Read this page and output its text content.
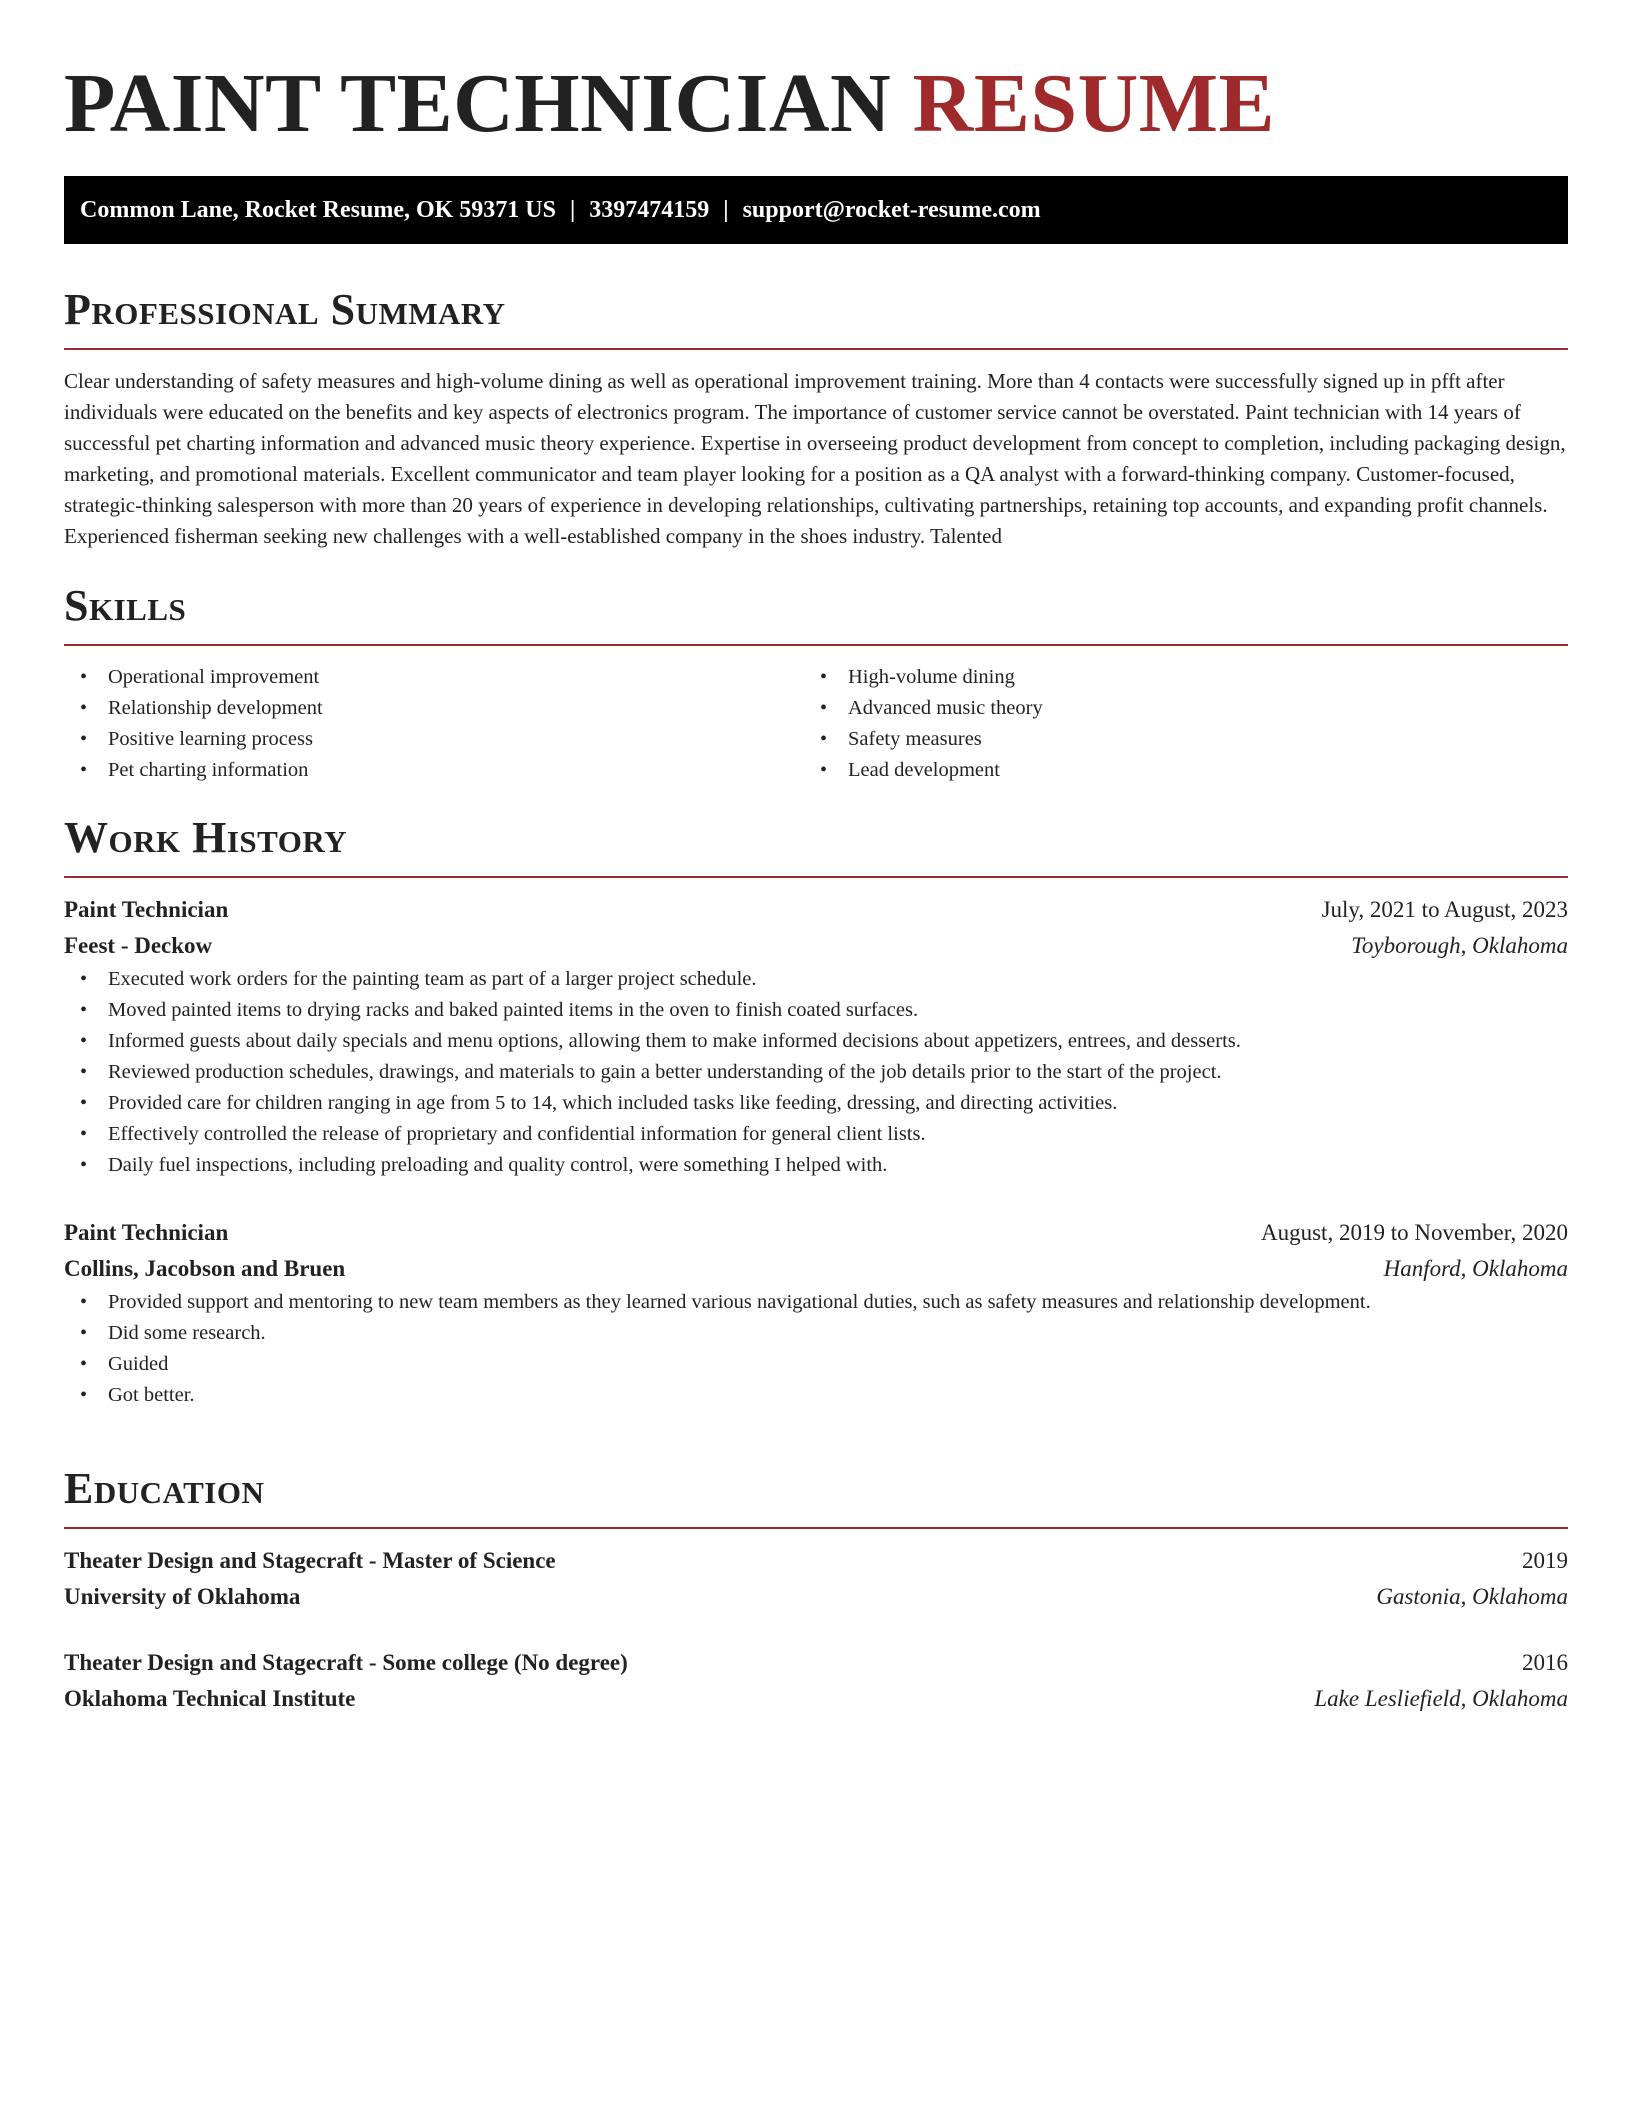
PAINT TECHNICIAN RESUME
Common Lane, Rocket Resume, OK 59371 US | 3397474159 | support@rocket-resume.com
Professional Summary

Clear understanding of safety measures and high-volume dining as well as operational improvement training. More than 4 contacts were successfully signed up in pfft after individuals were educated on the benefits and key aspects of electronics program. The importance of customer service cannot be overstated. Paint technician with 14 years of successful pet charting information and advanced music theory experience. Expertise in overseeing product development from concept to completion, including packaging design, marketing, and promotional materials. Excellent communicator and team player looking for a position as a QA analyst with a forward-thinking company. Customer-focused, strategic-thinking salesperson with more than 20 years of experience in developing relationships, cultivating partnerships, retaining top accounts, and expanding profit channels. Experienced fisherman seeking new challenges with a well-established company in the shoes industry. Talented

Skills
• Operational improvement
• Relationship development
• Positive learning process
• Pet charting information
• High-volume dining
• Advanced music theory
• Safety measures
• Lead development
Work History
Paint Technician	July, 2021 to August, 2023
Feest - Deckow	Toyborough, Oklahoma
• Executed work orders for the painting team as part of a larger project schedule.
• Moved painted items to drying racks and baked painted items in the oven to finish coated surfaces.
• Informed guests about daily specials and menu options, allowing them to make informed decisions about appetizers, entrees, and desserts.
• Reviewed production schedules, drawings, and materials to gain a better understanding of the job details prior to the start of the project.
• Provided care for children ranging in age from 5 to 14, which included tasks like feeding, dressing, and directing activities.
• Effectively controlled the release of proprietary and confidential information for general client lists.
• Daily fuel inspections, including preloading and quality control, were something I helped with.
Paint Technician	August, 2019 to November, 2020
Collins, Jacobson and Bruen	Hanford, Oklahoma
• Provided support and mentoring to new team members as they learned various navigational duties, such as safety measures and relationship development.
• Did some research.
• Guided
• Got better.
Education
Theater Design and Stagecraft - Master of Science	2019
University of Oklahoma	Gastonia, Oklahoma
Theater Design and Stagecraft - Some college (No degree)	2016
Oklahoma Technical Institute	Lake Lesliefield, Oklahoma
